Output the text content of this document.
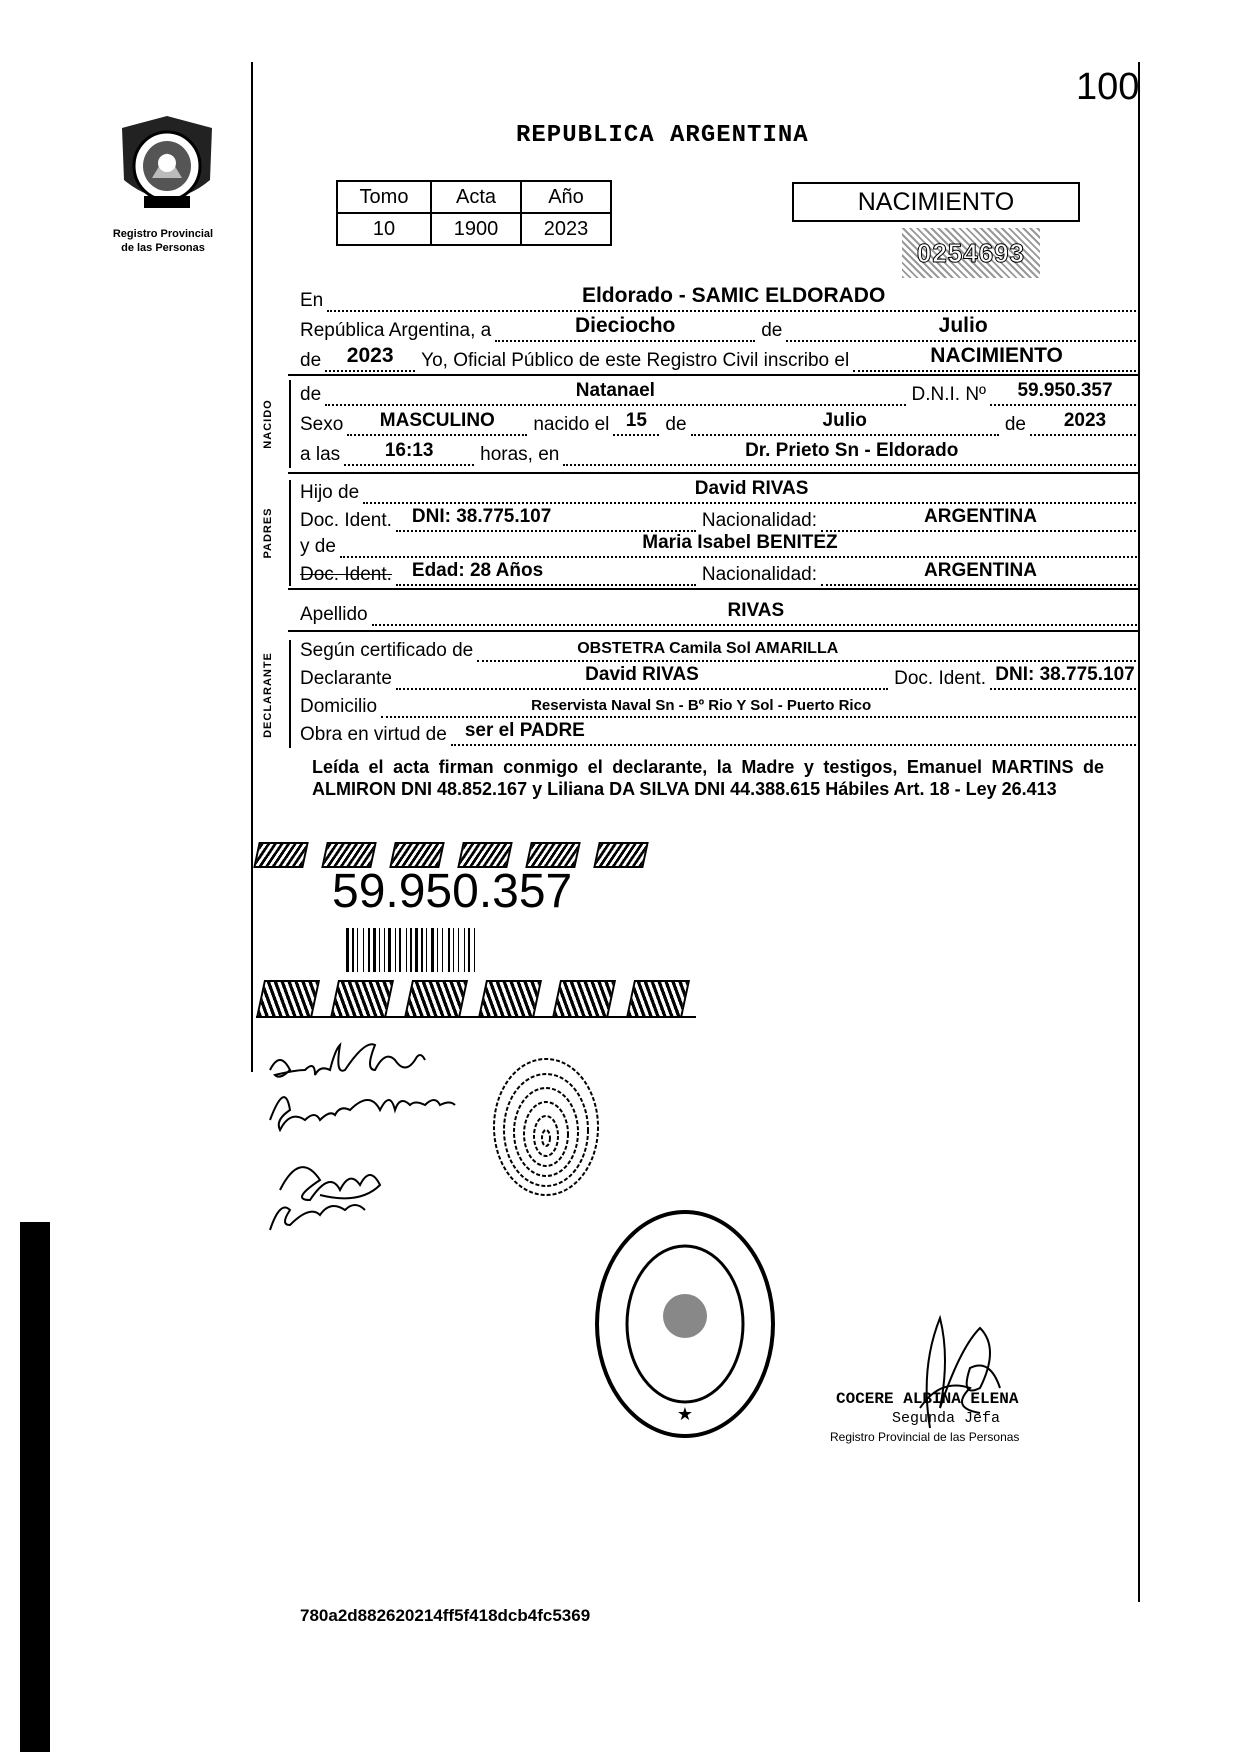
100
Registro Provincial
de las Personas
REPUBLICA ARGENTINA
Tomo	Acta	Año
10	1900	2023
NACIMIENTO
0254693
En	Eldorado - SAMIC ELDORADO
República Argentina, a	Dieciocho	de	Julio
de	2023	Yo, Oficial Público de este Registro Civil inscribo el	NACIMIENTO
NACIDO
de	Natanael	D.N.I. Nº	59.950.357
Sexo	MASCULINO	nacido el 15 de	Julio	de	2023
a las	16:13	horas, en	Dr. Prieto Sn - Eldorado
PADRES
Hijo de	David RIVAS
Doc. Ident. DNI: 38.775.107	Nacionalidad:	ARGENTINA
y de	Maria Isabel BENITEZ
Doc. Ident. Edad: 28 Años	Nacionalidad:	ARGENTINA
Apellido	RIVAS
DECLARANTE
Según certificado de	OBSTETRA Camila Sol AMARILLA
Declarante	David RIVAS	Doc. Ident. DNI: 38.775.107
Domicilio	Reservista Naval Sn - Bº Rio Y Sol - Puerto Rico
Obra en virtud de ser el PADRE
Leída el acta firman conmigo el declarante, la Madre y testigos, Emanuel MARTINS de ALMIRON DNI 48.852.167 y Liliana DA SILVA DNI 44.388.615 Hábiles Art. 18 - Ley 26.413
59.950.357
★
COCERE ALBINA ELENA
Segunda Jefa
Registro Provincial de las Personas
780a2d882620214ff5f418dcb4fc5369
